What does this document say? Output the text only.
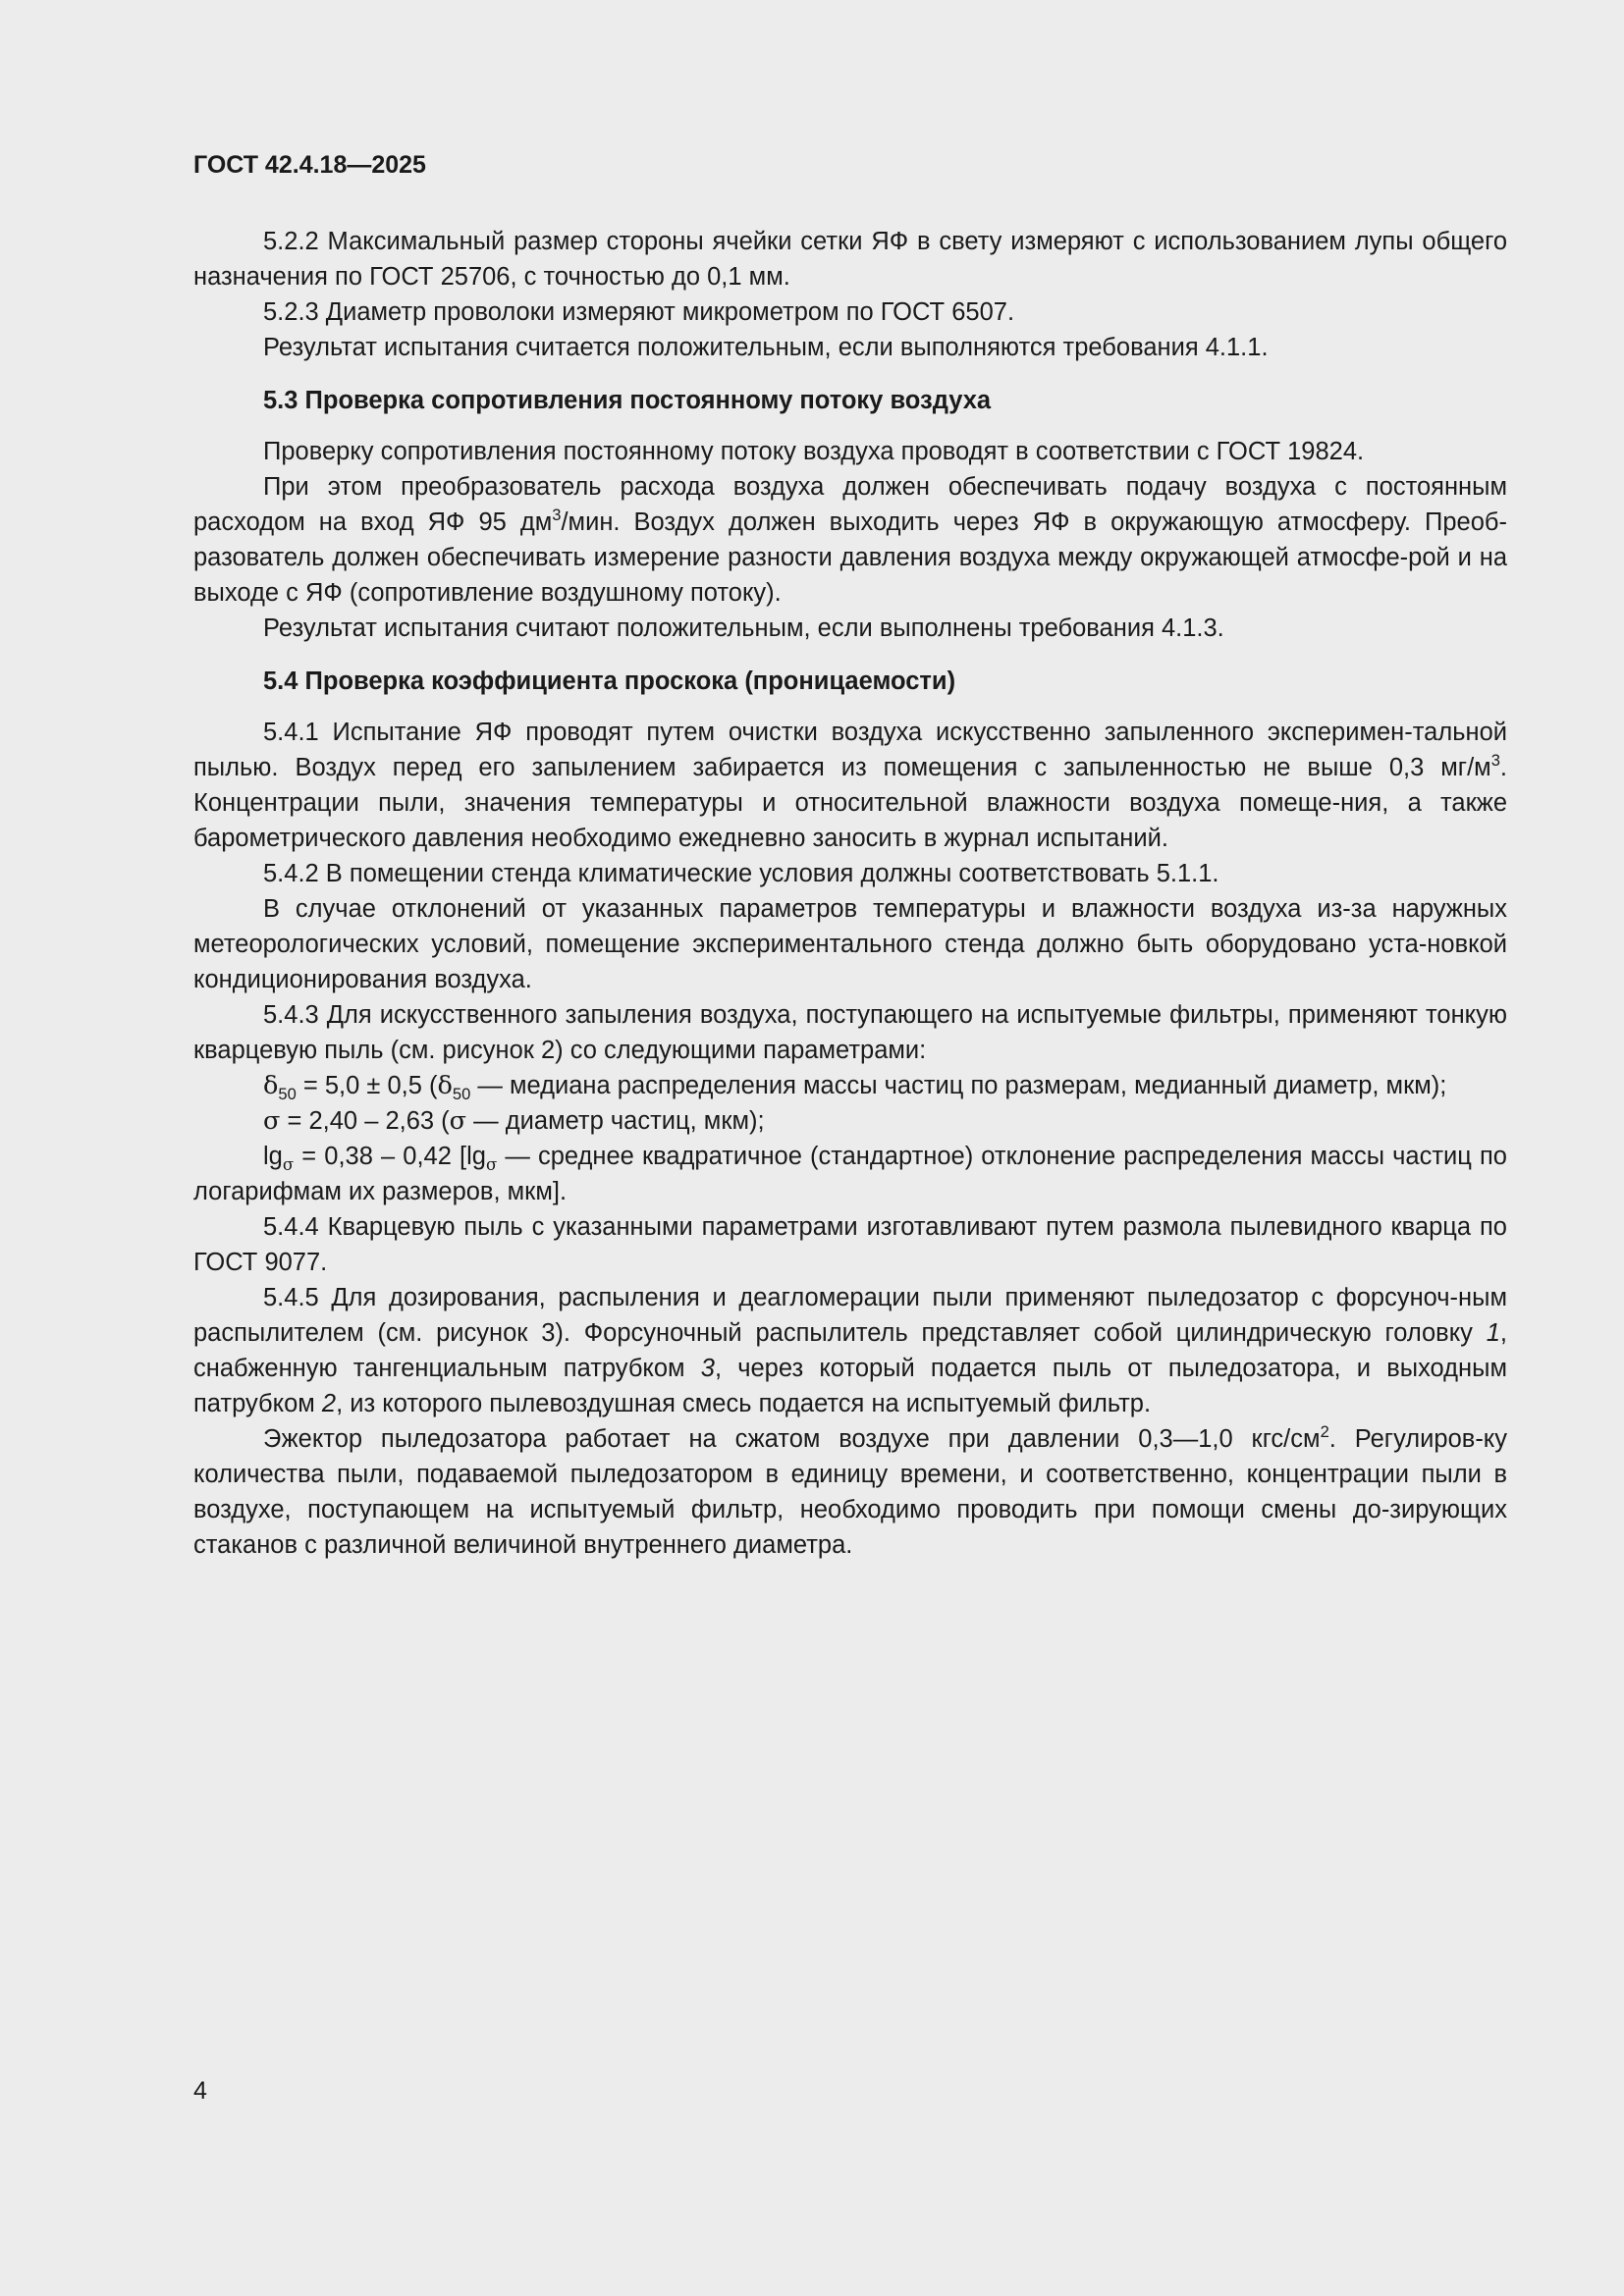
ГОСТ 42.4.18—2025

5.2.2 Максимальный размер стороны ячейки сетки ЯФ в свету измеряют с использованием лупы общего назначения по ГОСТ 25706, с точностью до 0,1 мм.

5.2.3 Диаметр проволоки измеряют микрометром по ГОСТ 6507.

Результат испытания считается положительным, если выполняются требования 4.1.1.

5.3 Проверка сопротивления постоянному потоку воздуха

Проверку сопротивления постоянному потоку воздуха проводят в соответствии с ГОСТ 19824.

При этом преобразователь расхода воздуха должен обеспечивать подачу воздуха с постоянным расходом на вход ЯФ 95 $дм^3$/мин. Воздух должен выходить через ЯФ в окружающую атмосферу. Преоб-разователь должен обеспечивать измерение разности давления воздуха между окружающей атмосфе-рой и на выходе с ЯФ (сопротивление воздушному потоку).

Результат испытания считают положительным, если выполнены требования 4.1.3.

5.4 Проверка коэффициента проскока (проницаемости)

5.4.1 Испытание ЯФ проводят путем очистки воздуха искусственно запыленного эксперимен-тальной пылью. Воздух перед его запылением забирается из помещения с запыленностью не выше 0,3 $мг/м^3$. Концентрации пыли, значения температуры и относительной влажности воздуха помеще-ния, а также барометрического давления необходимо ежедневно заносить в журнал испытаний.

5.4.2 В помещении стенда климатические условия должны соответствовать 5.1.1.

В случае отклонений от указанных параметров температуры и влажности воздуха из-за наружных метеорологических условий, помещение экспериментального стенда должно быть оборудовано уста-новкой кондиционирования воздуха.

5.4.3 Для искусственного запыления воздуха, поступающего на испытуемые фильтры, применяют тонкую кварцевую пыль (см. рисунок 2) со следующими параметрами:

$\delta_{50} = 5,0 \pm 0,5$ ($\delta_{50}$ — медиана распределения массы частиц по размерам, медианный диаметр, мкм);

σ = 2,40 – 2,63 (σ — диаметр частиц, мкм);

$\lg_\sigma = 0,38 - 0,42$ [$\lg_\sigma$ — среднее квадратичное (стандартное) отклонение распределения массы частиц по логарифмам их размеров, мкм].

5.4.4 Кварцевую пыль с указанными параметрами изготавливают путем размола пылевидного кварца по ГОСТ 9077.

5.4.5 Для дозирования, распыления и деагломерации пыли применяют пыледозатор с форсуноч-ным распылителем (см. рисунок 3). Форсуночный распылитель представляет собой цилиндрическую головку 1, снабженную тангенциальным патрубком 3, через который подается пыль от пыледозатора, и выходным патрубком 2, из которого пылевоздушная смесь подается на испытуемый фильтр.

Эжектор пыледозатора работает на сжатом воздухе при давлении 0,3—1,0 кгс/$см^2$. Регулиров-ку количества пыли, подаваемой пыледозатором в единицу времени, и соответственно, концентрации пыли в воздухе, поступающем на испытуемый фильтр, необходимо проводить при помощи смены до-зирующих стаканов с различной величиной внутреннего диаметра.

4
